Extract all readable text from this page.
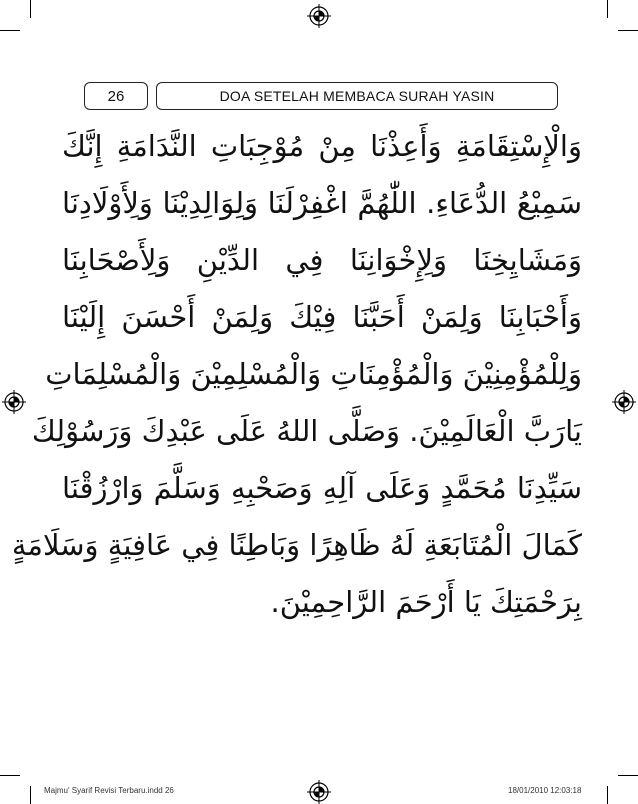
26	DOA SETELAH MEMBACA SURAH YASIN
وَالْإِسْتِقَامَةِ وَأَعِذْنَا مِنْ مُوْجِبَاتِ النَّدَامَةِ إِنَّكَ
سَمِيْعُ الدُّعَاءِ. اللّٰهُمَّ اغْفِرْلَنَا وَلِوَالِدِيْنَا وَلِأَوْلَادِنَا
وَمَشَايِخِنَا وَلِإِخْوَانِنَا فِي الدِّيْنِ وَلِأَصْحَابِنَا
وَأَحْبَابِنَا وَلِمَنْ أَحَبَّنَا فِيْكَ وَلِمَنْ أَحْسَنَ إِلَيْنَا
وَلِلْمُؤْمِنِيْنَ وَالْمُؤْمِنَاتِ وَالْمُسْلِمِيْنَ وَالْمُسْلِمَاتِ
يَارَبَّ الْعَالَمِيْنَ. وَصَلَّى اللهُ عَلَى عَبْدِكَ وَرَسُوْلِكَ
سَيِّدِنَا مُحَمَّدٍ وَعَلَى آلِهِ وَصَحْبِهِ وَسَلَّمَ وَارْزُقْنَا
كَمَالَ الْمُتَابَعَةِ لَهُ ظَاهِرًا وَبَاطِنًا فِي عَافِيَةٍ وَسَلَامَةٍ
بِرَحْمَتِكَ يَا أَرْحَمَ الرَّاحِمِيْنَ.
Majmu' Syarif Revisi Terbaru.indd 26	18/01/2010 12:03:18
